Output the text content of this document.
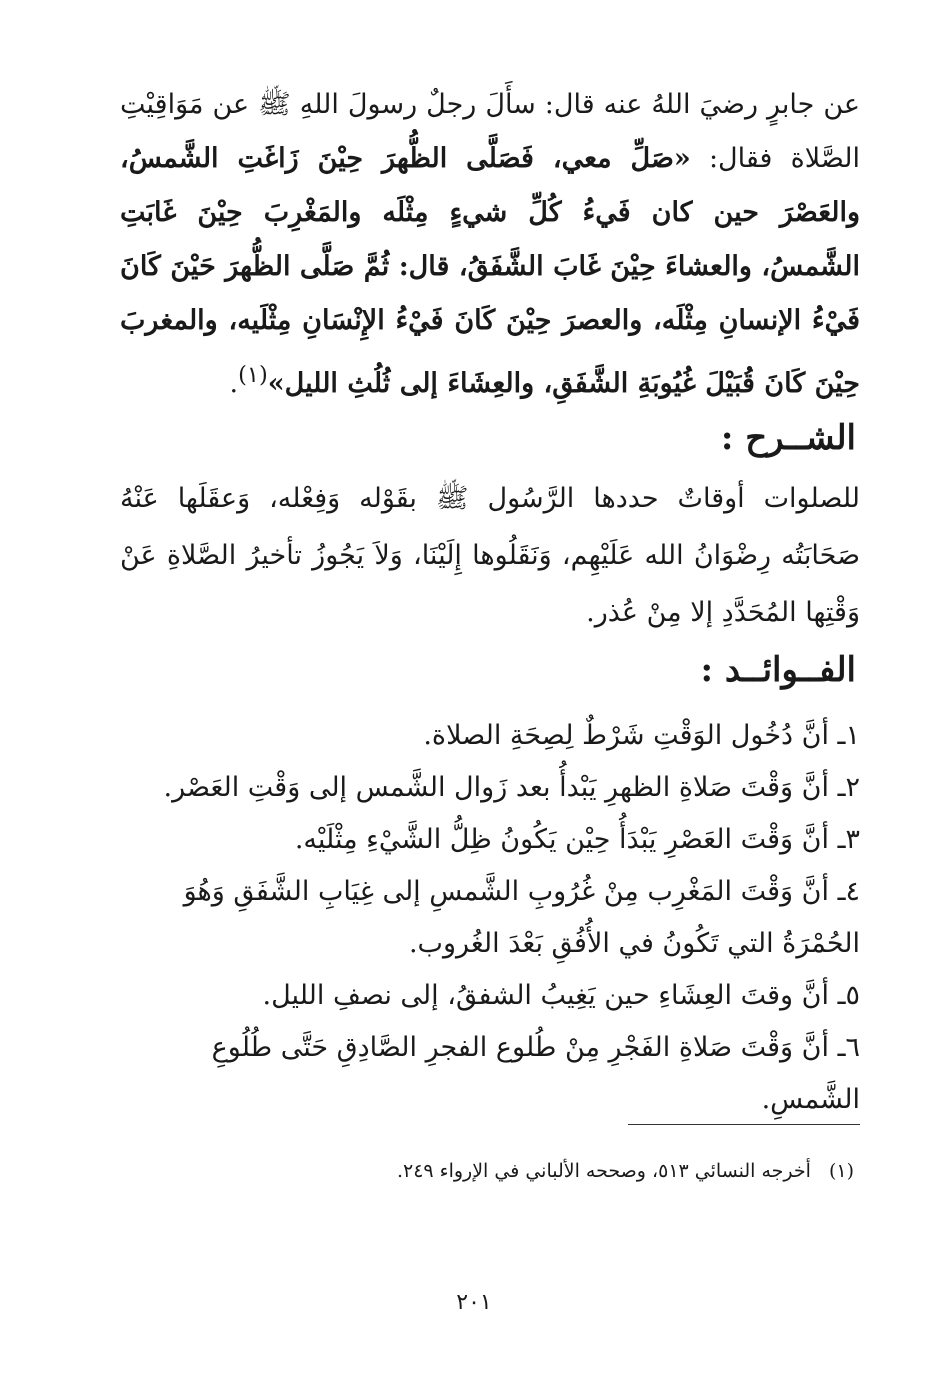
عن جابرٍ رضيَ اللهُ عنه قال: سأَلَ رجلٌ رسولَ اللهِ ﷺ عن مَوَاقِيْتِ الصَّلاة فقال: «صَلِّ معي، فَصَلَّى الظُّهرَ حِيْنَ زَاغَتِ الشَّمسُ، والعَصْرَ حين كان فَيءُ كُلِّ شيءٍ مِثْلَه والمَغْرِبَ حِيْنَ غَابَتِ الشَّمسُ، والعشاءَ حِيْنَ غَابَ الشَّفَقُ، قال: ثُمَّ صَلَّى الظُّهرَ حَيْنَ كَانَ فَيْءُ الإنسانِ مِثْلَه، والعصرَ حِيْنَ كَانَ فَيْءُ الإِنْسَانِ مِثْلَيه، والمغربَ حِيْنَ كَانَ قُبَيْلَ غُيُوبَةِ الشَّفَقِ، والعِشَاءَ إلى ثُلُثِ الليل»$^{(١)}$.
الشــرح :
للصلوات أوقاتٌ حددها الرَّسُول ﷺ بقَوْله وَفِعْله، وَعقَلَها عَنْهُ صَحَابَتُه رِضْوَانُ الله عَلَيْهِم، وَنَقَلُوها إِلَيْنَا، وَلاَ يَجُوزُ تأخيرُ الصَّلاةِ عَنْ وَقْتِها المُحَدَّدِ إلا مِنْ عُذر.
الفــوائــد :
١ـ أنَّ دُخُول الوَقْتِ شَرْطٌ لِصِحَةِ الصلاة.
٢ـ أنَّ وَقْتَ صَلاةِ الظهرِ يَبْدأُ بعد زَوال الشَّمس إلى وَقْتِ العَصْر.
٣ـ أنَّ وَقْتَ العَصْرِ يَبْدَأُ حِيْن يَكُونُ ظِلُّ الشَّيْءِ مِثْلَيْه.
٤ـ أنَّ وَقْتَ المَغْرِب مِنْ غُرُوبِ الشَّمسِ إلى غِيَابِ الشَّفَقِ وَهُوَ الحُمْرَةُ التي تَكُونُ في الأُفُقِ بَعْدَ الغُروب.
٥ـ أنَّ وقتَ العِشَاءِ حين يَغِيبُ الشفقُ، إلى نصفِ الليل.
٦ـ أنَّ وَقْتَ صَلاةِ الفَجْرِ مِنْ طُلوع الفجرِ الصَّادِقِ حَتَّى طُلُوعِ الشَّمسِ.
(١)أخرجه النسائي ٥١٣، وصححه الألباني في الإرواء ٢٤٩.
٢٠١
